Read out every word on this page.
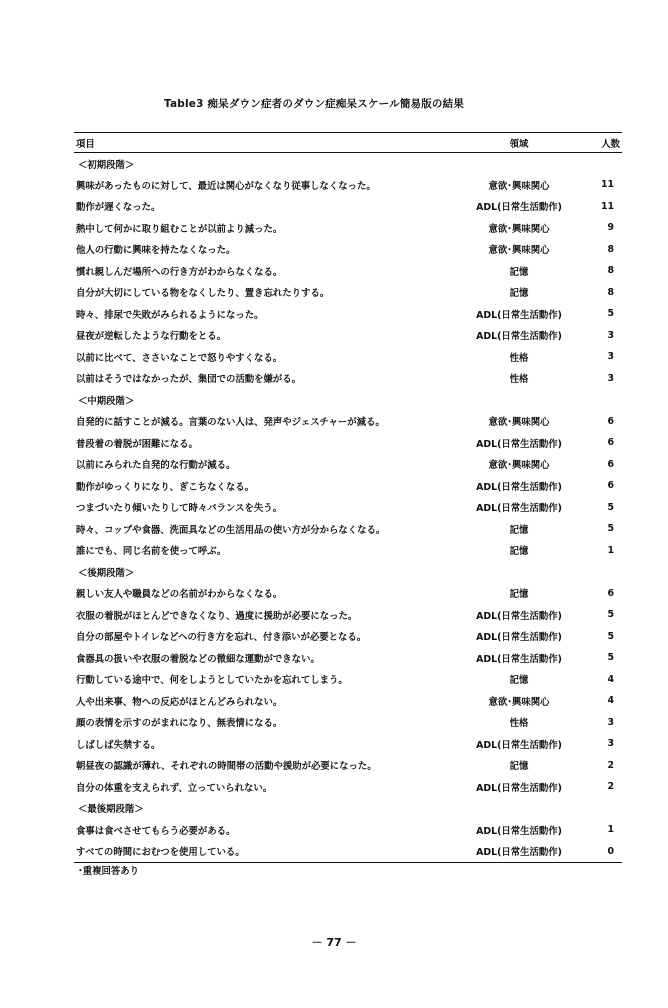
Table3 痴呆ダウン症者のダウン症痴呆スケール簡易版の結果
項目	領域	人数
＜初期段階＞		
興味があったものに対して、最近は関心がなくなり従事しなくなった。	意欲･興味関心	11
動作が遅くなった。	ADL(日常生活動作)	11
熱中して何かに取り組むことが以前より減った。	意欲･興味関心	9
他人の行動に興味を持たなくなった。	意欲･興味関心	8
慣れ親しんだ場所への行き方がわからなくなる。	記憶	8
自分が大切にしている物をなくしたり、置き忘れたりする。	記憶	8
時々、排尿で失敗がみられるようになった。	ADL(日常生活動作)	5
昼夜が逆転したような行動をとる。	ADL(日常生活動作)	3
以前に比べて、ささいなことで怒りやすくなる。	性格	3
以前はそうではなかったが、集団での活動を嫌がる。	性格	3
＜中期段階＞		
自発的に話すことが減る。言葉のない人は、発声やジェスチャーが減る。	意欲･興味関心	6
普段着の着脱が困難になる。	ADL(日常生活動作)	6
以前にみられた自発的な行動が減る。	意欲･興味関心	6
動作がゆっくりになり、ぎこちなくなる。	ADL(日常生活動作)	6
つまづいたり傾いたりして時々バランスを失う。	ADL(日常生活動作)	5
時々、コップや食器、洗面具などの生活用品の使い方が分からなくなる。	記憶	5
誰にでも、同じ名前を使って呼ぶ。	記憶	1
＜後期段階＞		
親しい友人や職員などの名前がわからなくなる。	記憶	6
衣服の着脱がほとんどできなくなり、過度に援助が必要になった。	ADL(日常生活動作)	5
自分の部屋やトイレなどへの行き方を忘れ、付き添いが必要となる。	ADL(日常生活動作)	5
食器具の扱いや衣服の着脱などの微細な運動ができない。	ADL(日常生活動作)	5
行動している途中で、何をしようとしていたかを忘れてしまう。	記憶	4
人や出来事、物への反応がほとんどみられない。	意欲･興味関心	4
顔の表情を示すのがまれになり、無表情になる。	性格	3
しばしば失禁する。	ADL(日常生活動作)	3
朝昼夜の認識が薄れ、それぞれの時間帯の活動や援助が必要になった。	記憶	2
自分の体重を支えられず、立っていられない。	ADL(日常生活動作)	2
＜最後期段階＞		
食事は食べさせてもらう必要がある。	ADL(日常生活動作)	1
すべての時間におむつを使用している。	ADL(日常生活動作)	0
･重複回答あり
－ 77 －
